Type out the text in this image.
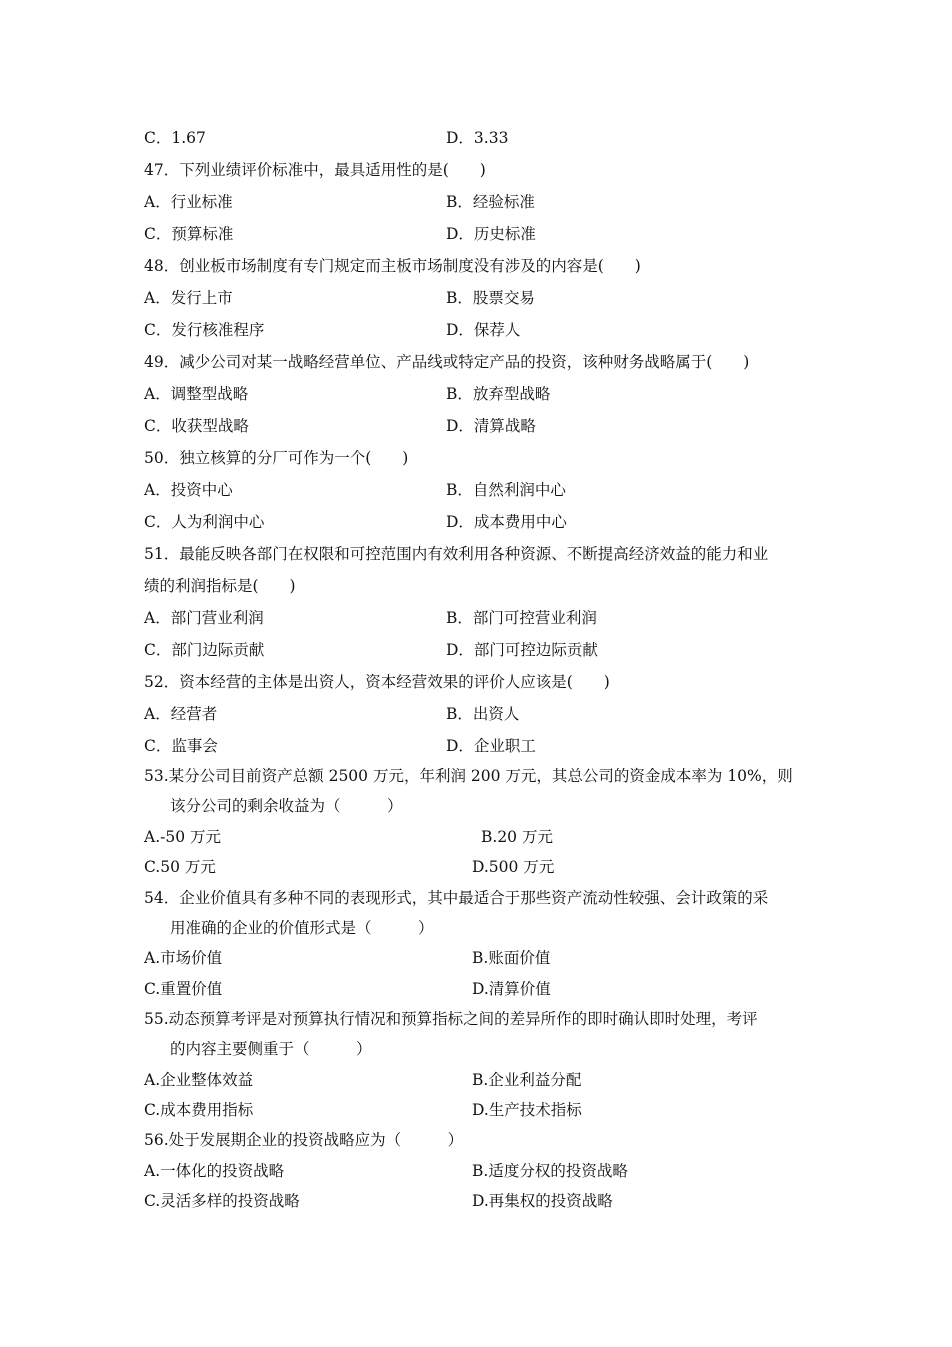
C．1.67	D．3.33
47．下列业绩评价标准中，最具适用性的是(　　)
A．行业标准	B．经验标准
C．预算标准	D．历史标准
48．创业板市场制度有专门规定而主板市场制度没有涉及的内容是(　　)
A．发行上市	B．股票交易
C．发行核准程序	D．保荐人
49．减少公司对某一战略经营单位、产品线或特定产品的投资，该种财务战略属于(　　)
A．调整型战略	B．放弃型战略
C．收获型战略	D．清算战略
50．独立核算的分厂可作为一个(　　)
A．投资中心	B．自然利润中心
C．人为利润中心	D．成本费用中心
51．最能反映各部门在权限和可控范围内有效利用各种资源、不断提高经济效益的能力和业
绩的利润指标是(　　)
A．部门营业利润	B．部门可控营业利润
C．部门边际贡献	D．部门可控边际贡献
52．资本经营的主体是出资人，资本经营效果的评价人应该是(　　)
A．经营者	B．出资人
C．监事会	D．企业职工
53.某分公司目前资产总额 2500 万元，年利润 200 万元，其总公司的资金成本率为 10%，则
该分公司的剩余收益为（　　　）
A.-50 万元	B.20 万元
C.50 万元	D.500 万元
54．企业价值具有多种不同的表现形式，其中最适合于那些资产流动性较强、会计政策的采
用准确的企业的价值形式是（　　　）
A.市场价值	B.账面价值
C.重置价值	D.清算价值
55.动态预算考评是对预算执行情况和预算指标之间的差异所作的即时确认即时处理，考评
的内容主要侧重于（　　　）
A.企业整体效益	B.企业利益分配
C.成本费用指标	D.生产技术指标
56.处于发展期企业的投资战略应为（　　　）
A.一体化的投资战略	B.适度分权的投资战略
C.灵活多样的投资战略	D.再集权的投资战略
